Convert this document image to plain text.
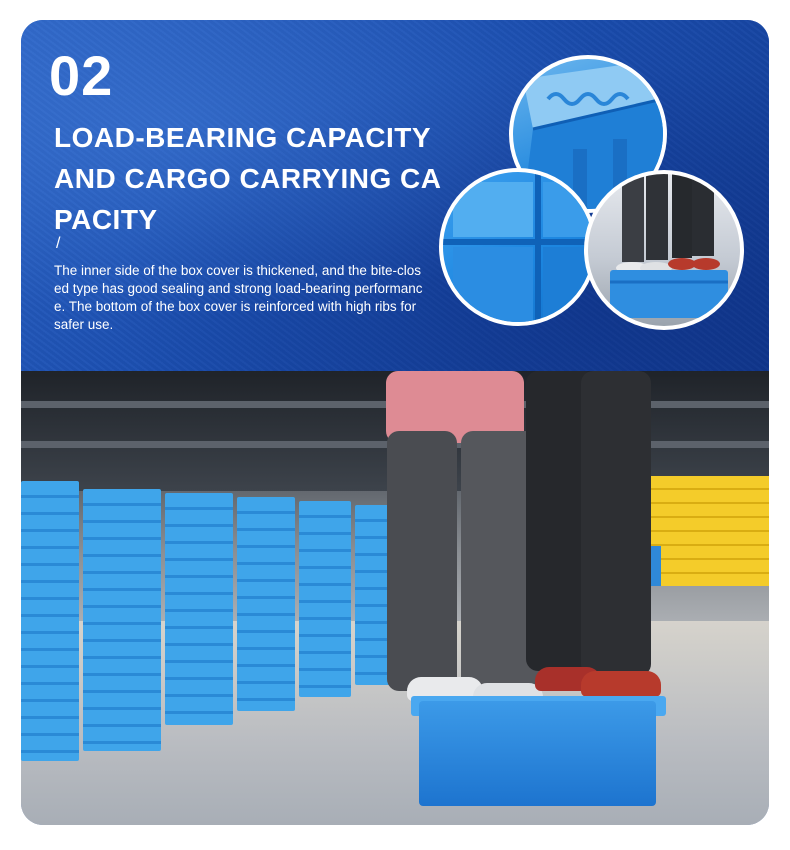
02
LOAD-BEARING CAPACITY AND CARGO CARRYING CA PACITY
/
The inner side of the box cover is thickened, and the bite-closed type has good sealing and strong load-bearing performance. The bottom of the box cover is reinforced with high ribs for safer use.
